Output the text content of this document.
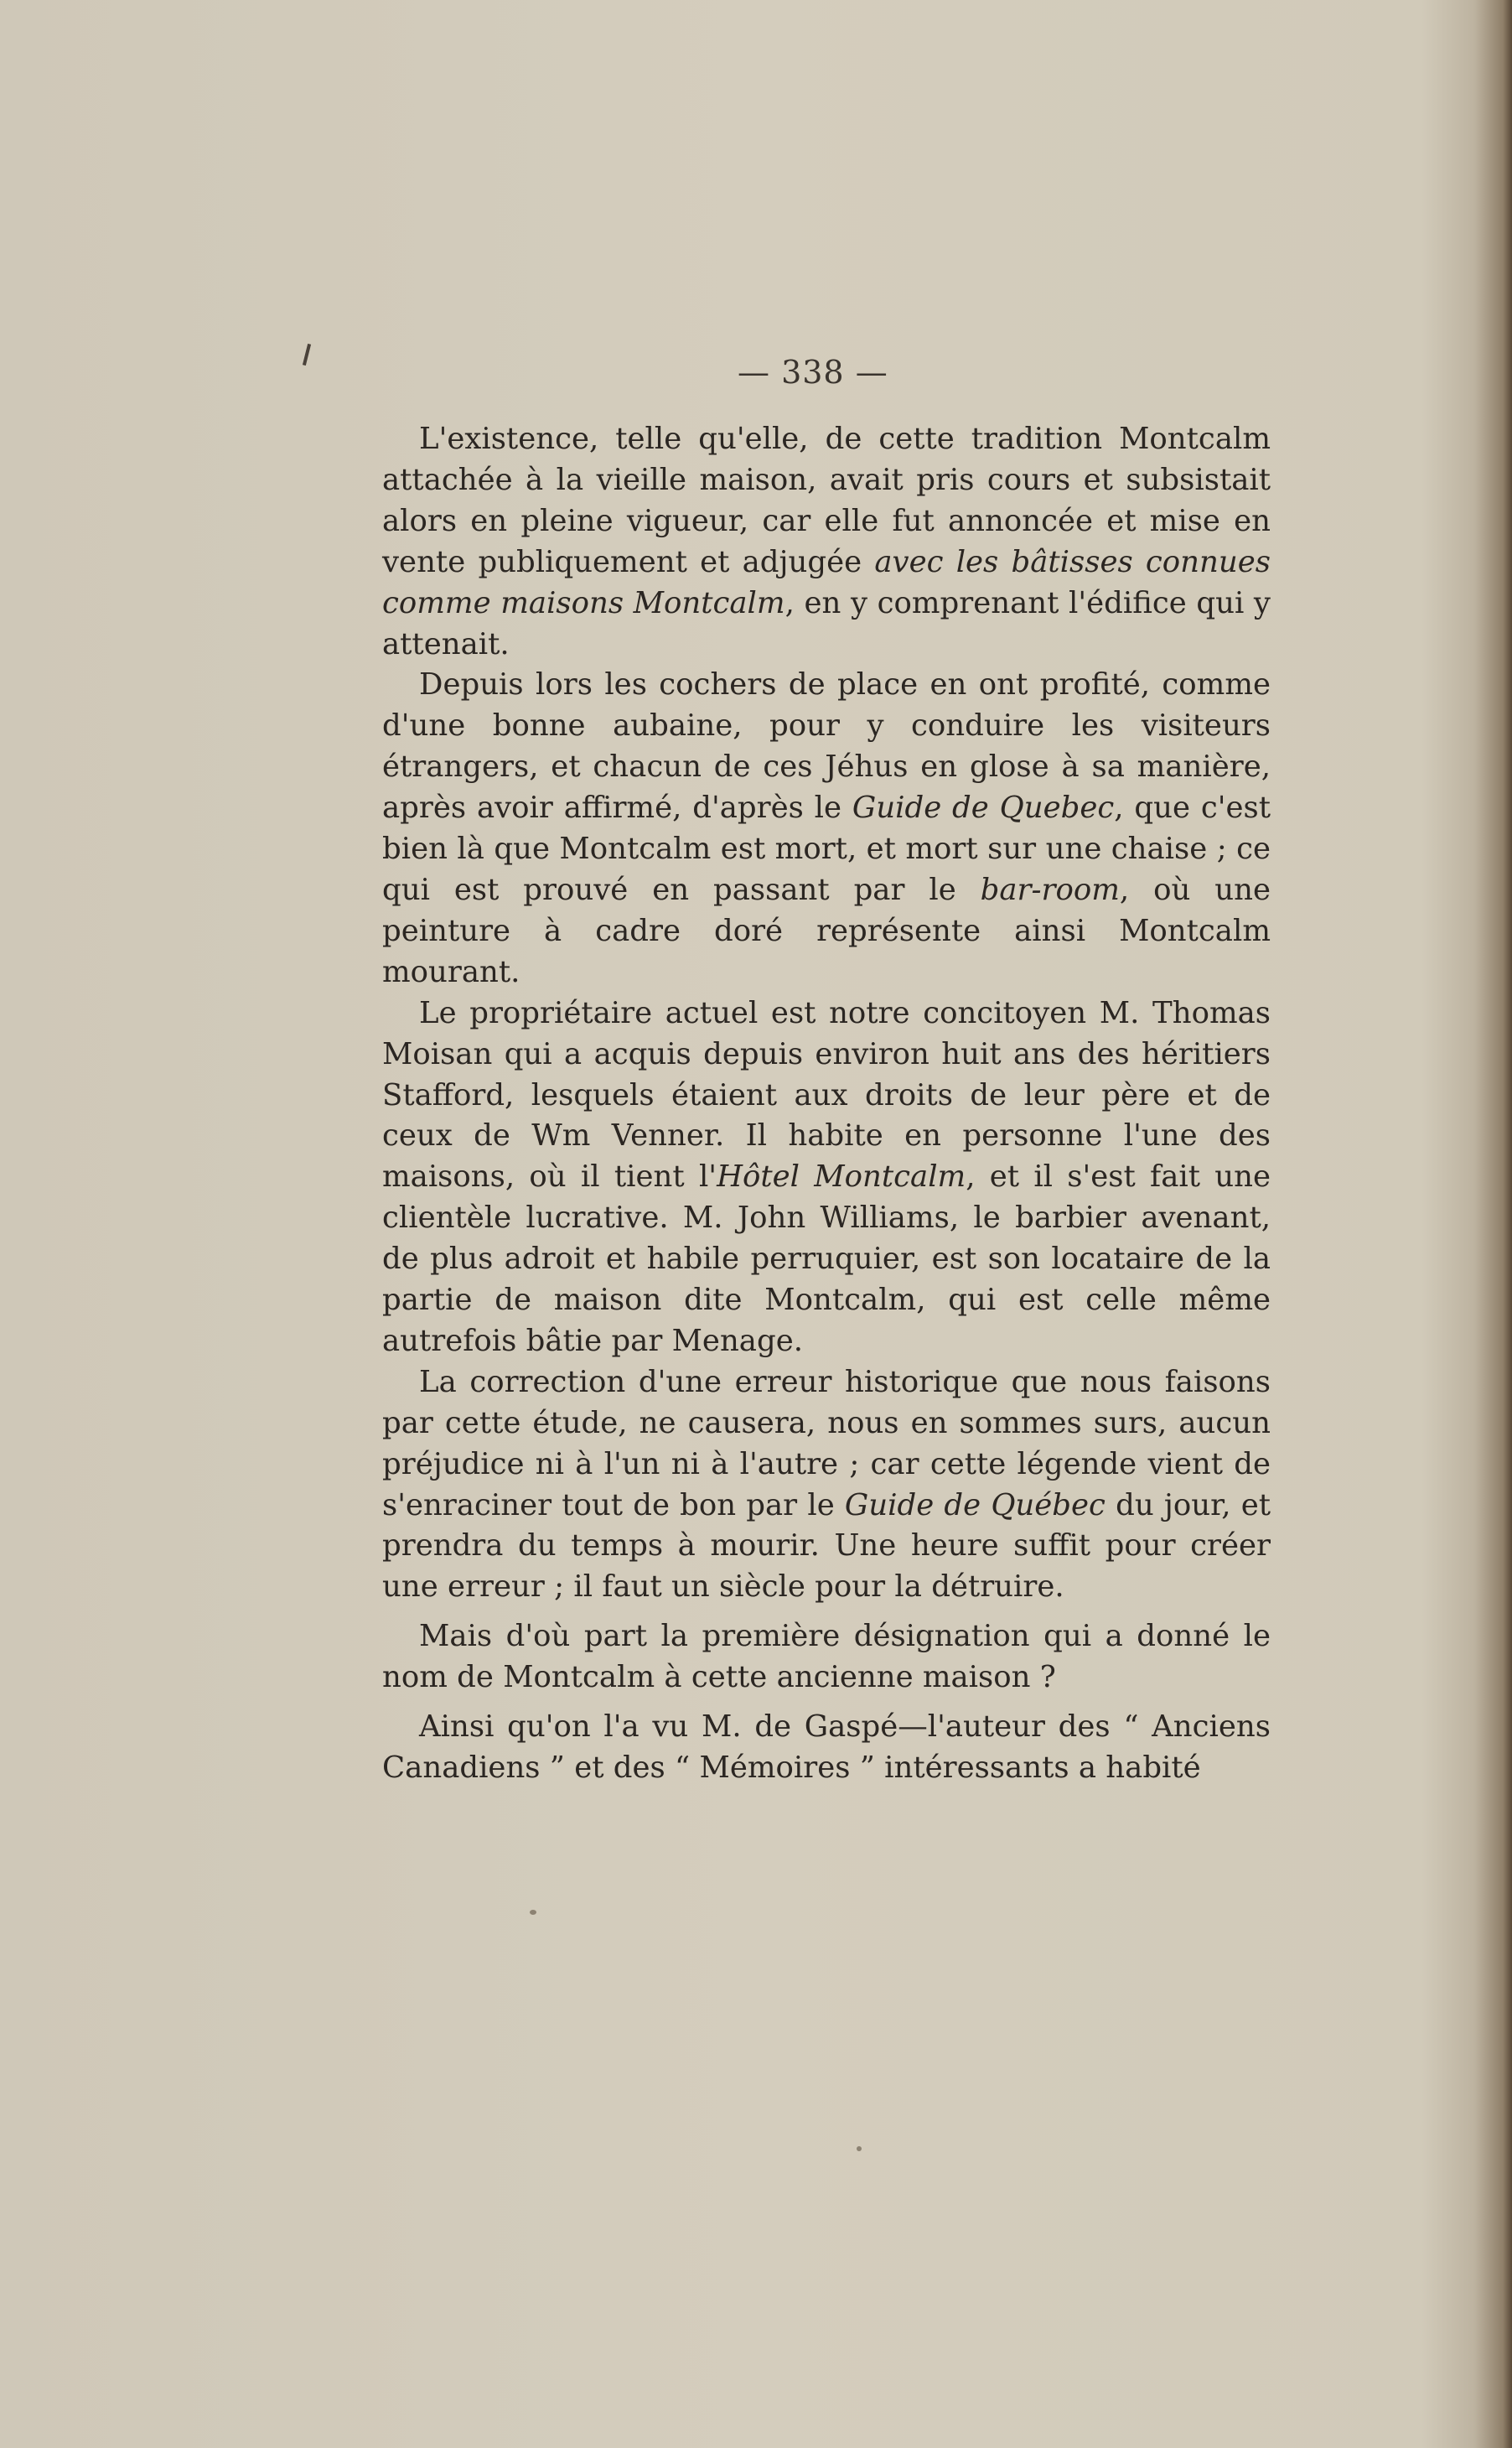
— 338 —

L'existence, telle qu'elle, de cette tradition Montcalm attachée à la vieille maison, avait pris cours et subsistait alors en pleine vigueur, car elle fut annoncée et mise en vente publiquement et adjugée avec les bâtisses connues comme maisons Montcalm, en y comprenant l'édifice qui y attenait.

Depuis lors les cochers de place en ont profité, comme d'une bonne aubaine, pour y conduire les visiteurs étrangers, et chacun de ces Jéhus en glose à sa manière, après avoir affirmé, d'après le Guide de Quebec, que c'est bien là que Montcalm est mort, et mort sur une chaise ; ce qui est prouvé en passant par le bar-room, où une peinture à cadre doré représente ainsi Montcalm mourant.

Le propriétaire actuel est notre concitoyen M. Thomas Moisan qui a acquis depuis environ huit ans des héritiers Stafford, lesquels étaient aux droits de leur père et de ceux de Wm Venner. Il habite en personne l'une des maisons, où il tient l'Hôtel Montcalm, et il s'est fait une clientèle lucrative. M. John Williams, le barbier avenant, de plus adroit et habile perruquier, est son locataire de la partie de maison dite Montcalm, qui est celle même autrefois bâtie par Menage.

La correction d'une erreur historique que nous faisons par cette étude, ne causera, nous en sommes surs, aucun préjudice ni à l'un ni à l'autre ; car cette légende vient de s'enraciner tout de bon par le Guide de Québec du jour, et prendra du temps à mourir. Une heure suffit pour créer une erreur ; il faut un siècle pour la détruire.

Mais d'où part la première désignation qui a donné le nom de Montcalm à cette ancienne maison ?

Ainsi qu'on l'a vu M. de Gaspé—l'auteur des “ Anciens Canadiens ” et des “ Mémoires ” intéressants a habité
